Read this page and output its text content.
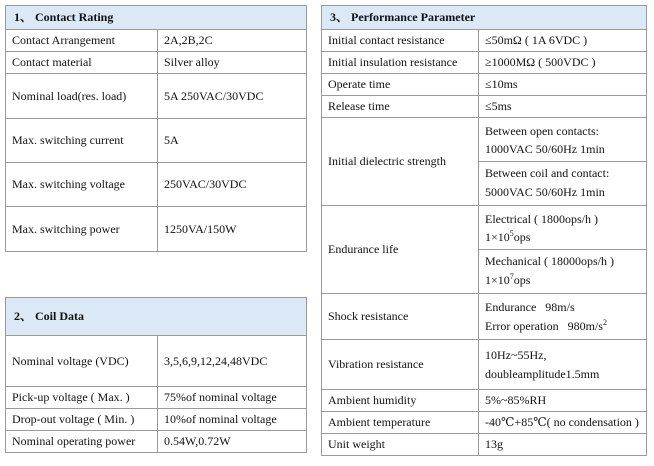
1、 Contact Rating	
Contact Arrangement	2A,2B,2C
Contact material	Silver alloy
Nominal load(res. load)	5A 250VAC/30VDC
Max. switching current	5A
Max. switching voltage	250VAC/30VDC
Max. switching power	1250VA/150W
2、 Coil Data	
Nominal voltage (VDC)	3,5,6,9,12,24,48VDC
Pick-up voltage ( Max. )	75%of nominal voltage
Drop-out voltage ( Min. )	10%of nominal voltage
Nominal operating power	0.54W,0.72W
3、 Performance Parameter	
Initial contact resistance	≤50mΩ ( 1A 6VDC )
Initial insulation resistance	≥1000MΩ ( 500VDC )
Operate time	≤10ms
Release time	≤5ms
Initial dielectric strength	Between open contacts:
1000VAC 50/60Hz 1min
Between coil and contact:
5000VAC 50/60Hz 1min

Endurance life	Electrical ( 1800ops/h )
$1\times 10^5ops$
Mechanical ( 18000ops/h )
$1\times 10^7ops$

Shock resistance	Endurance   98m/s
Error operation   $980m/s^2$

Vibration resistance	10Hz~55Hz,
doubleamplitude1.5mm

Ambient humidity	5%~85%RH
Ambient temperature	-40℃+85℃( no condensation )
Unit weight	13g
